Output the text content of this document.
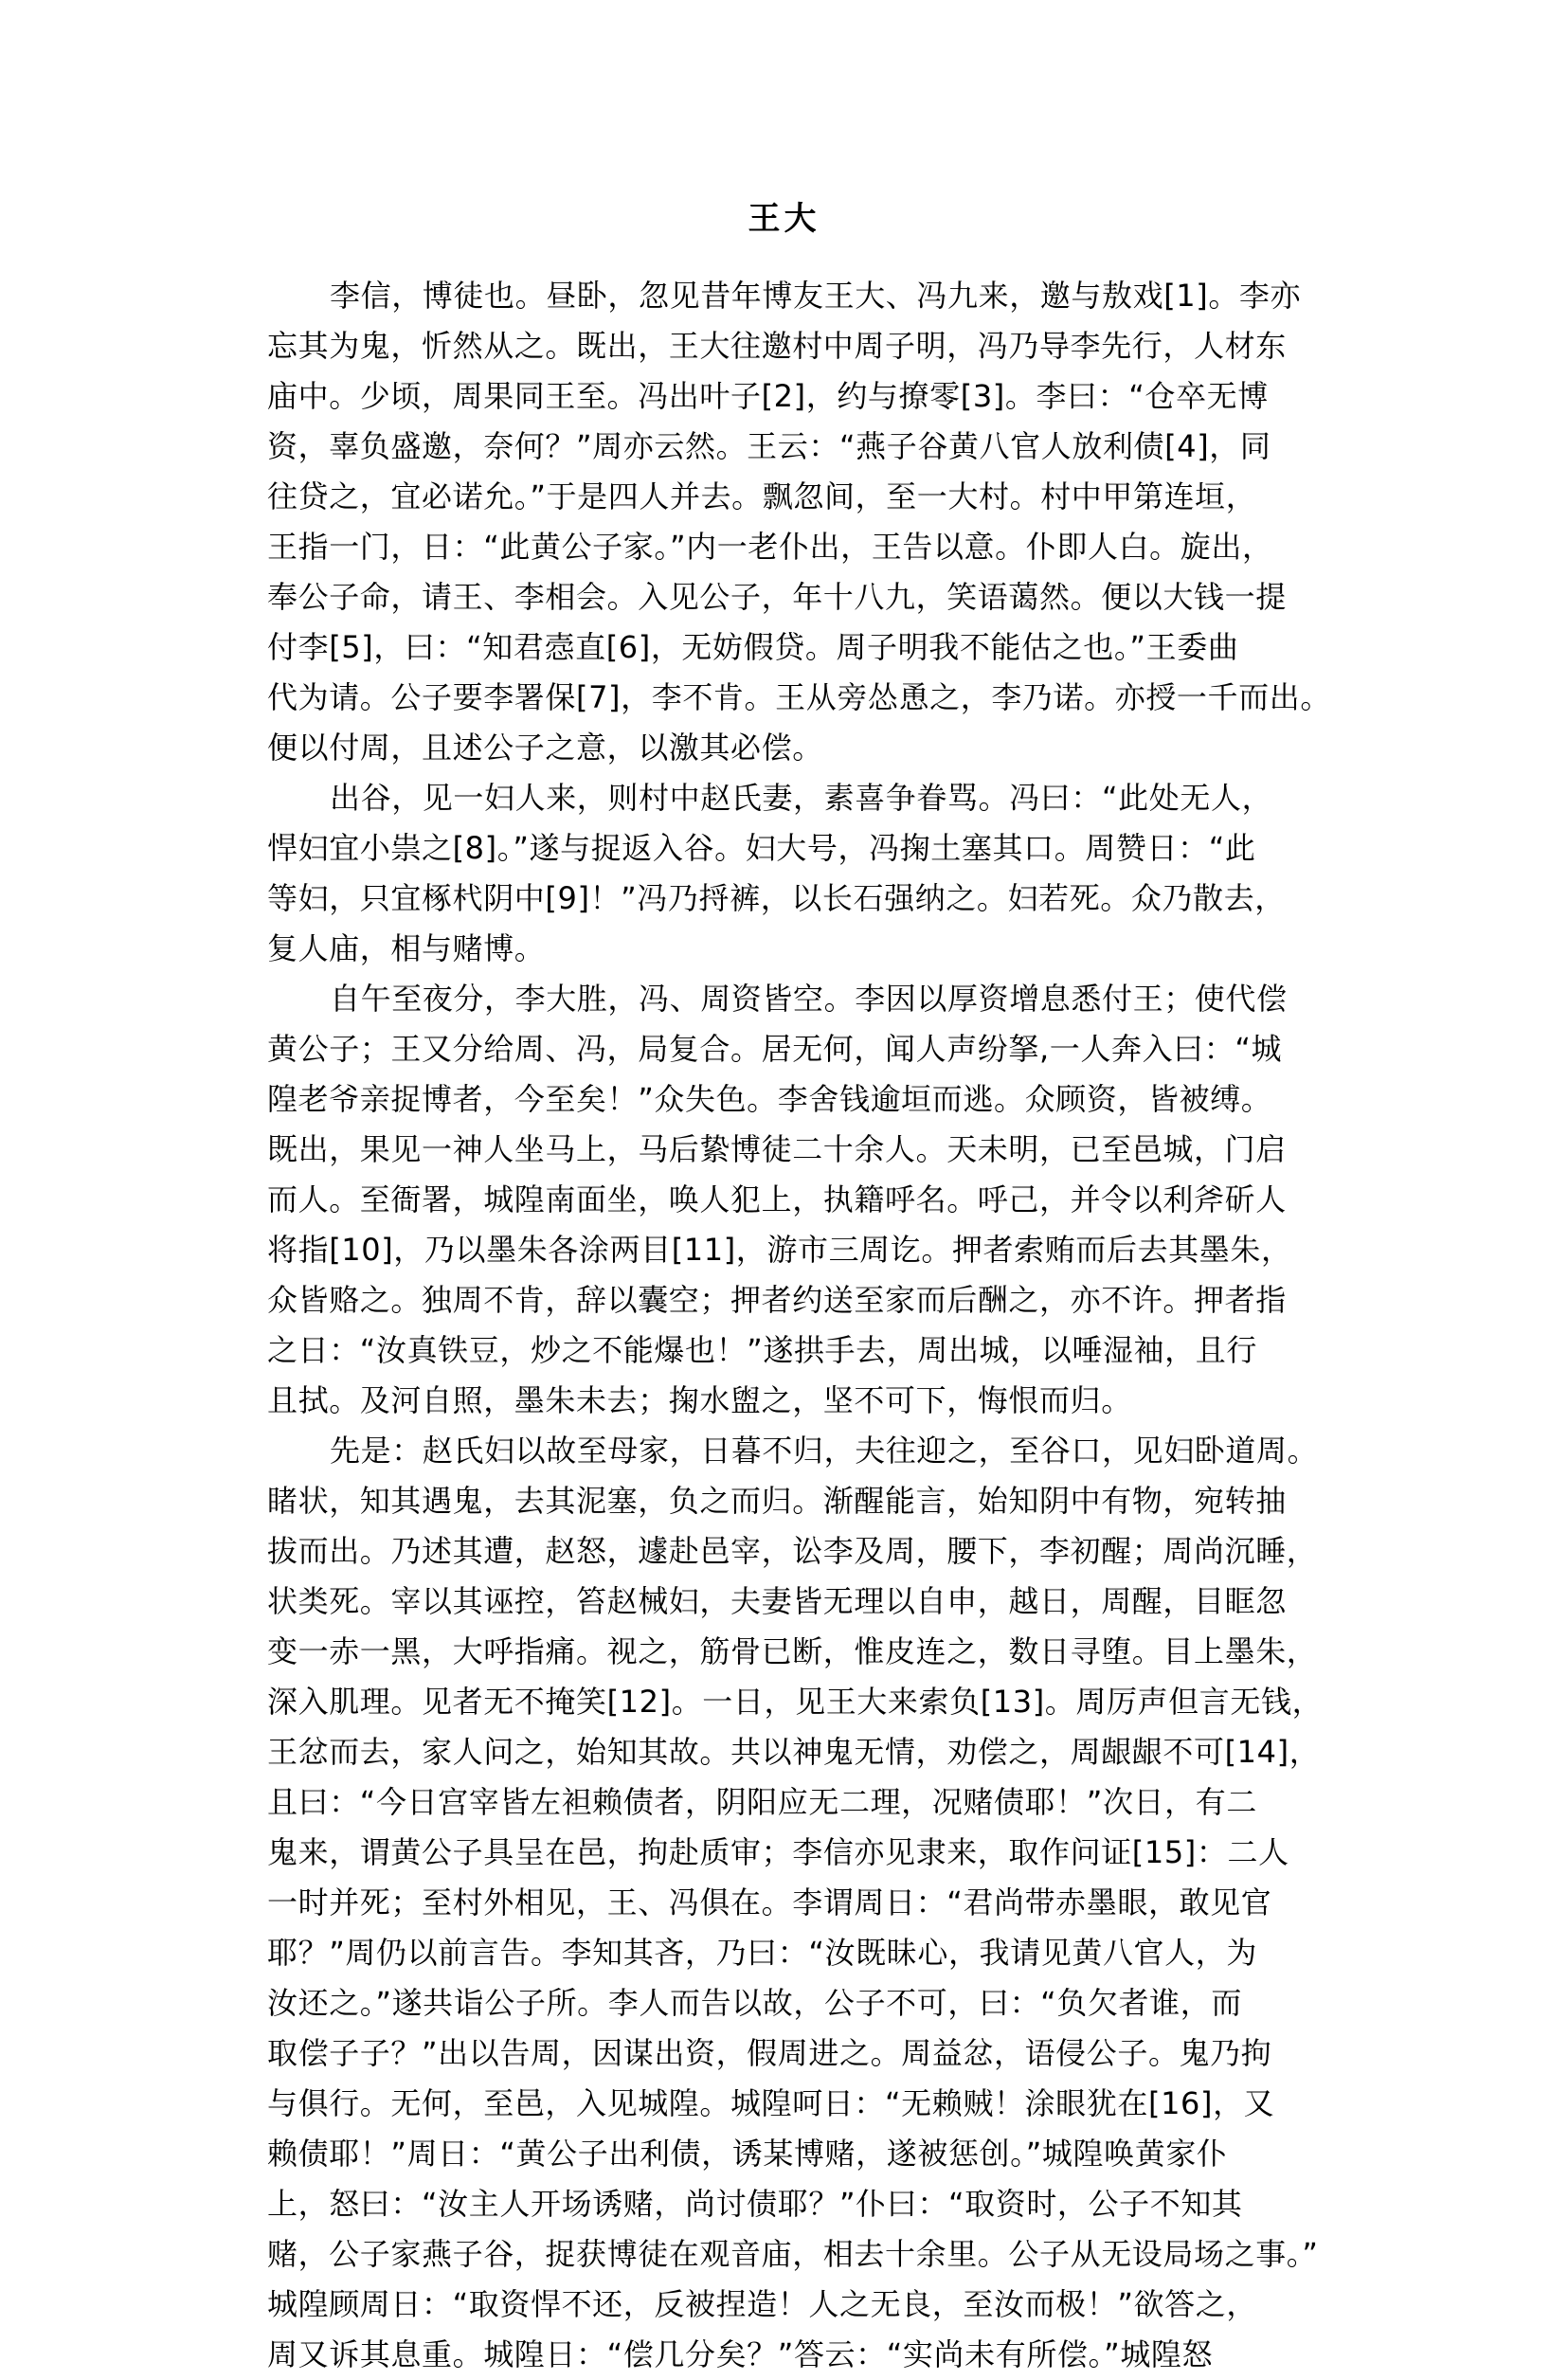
王大
李信，博徒也。昼卧，忽见昔年博友王大、冯九来，邀与敖戏[1]。李亦
忘其为鬼，忻然从之。既出，王大往邀村中周子明，冯乃导李先行，人材东
庙中。少顷，周果同王至。冯出叶子[2]，约与撩零[3]。李曰：“仓卒无博
资，辜负盛邀，奈何？”周亦云然。王云：“燕子谷黄八官人放利债[4]，同
往贷之，宜必诺允。”于是四人并去。飘忽间，至一大村。村中甲第连垣，
王指一门，日：“此黄公子家。”内一老仆出，王告以意。仆即人白。旋出，
奉公子命，请王、李相会。入见公子，年十八九，笑语蔼然。便以大钱一提
付李[5]，曰：“知君悫直[6]，无妨假贷。周子明我不能估之也。”王委曲
代为请。公子要李署保[7]，李不肯。王从旁怂恿之，李乃诺。亦授一千而出。
便以付周，且述公子之意，以激其必偿。
出谷，见一妇人来，则村中赵氏妻，素喜争眷骂。冯曰：“此处无人，
悍妇宜小祟之[8]。”遂与捉返入谷。妇大号，冯掬土塞其口。周赞日：“此
等妇，只宜椓杙阴中[9]！”冯乃捋裤，以长石强纳之。妇若死。众乃散去，
复人庙，相与赌博。
自午至夜分，李大胜，冯、周资皆空。李因以厚资增息悉付王；使代偿
黄公子；王又分给周、冯，局复合。居无何，闻人声纷拏,一人奔入曰：“城
隍老爷亲捉博者，今至矣！”众失色。李舍钱逾垣而逃。众顾资，皆被缚。
既出，果见一神人坐马上，马后絷博徒二十余人。天未明，已至邑城，门启
而人。至衙署，城隍南面坐，唤人犯上，执籍呼名。呼己，并令以利斧斫人
将指[10]，乃以墨朱各涂两目[11]，游市三周讫。押者索贿而后去其墨朱，
众皆赂之。独周不肯，辞以囊空；押者约送至家而后酬之，亦不许。押者指
之日：“汝真铁豆，炒之不能爆也！”遂拱手去，周出城，以唾湿袖，且行
且拭。及河自照，墨朱未去；掬水盥之，坚不可下，悔恨而归。
先是：赵氏妇以故至母家，日暮不归，夫往迎之，至谷口，见妇卧道周。
睹状，知其遇鬼，去其泥塞，负之而归。渐醒能言，始知阴中有物，宛转抽
拔而出。乃述其遭，赵怒，遽赴邑宰，讼李及周，腰下，李初醒；周尚沉睡，
状类死。宰以其诬控，笞赵械妇，夫妻皆无理以自申，越日，周醒，目眶忽
变一赤一黑，大呼指痛。视之，筋骨已断，惟皮连之，数日寻堕。目上墨朱，
深入肌理。见者无不掩笑[12]。一日，见王大来索负[13]。周厉声但言无钱，
王忿而去，家人问之，始知其故。共以神鬼无情，劝偿之，周龈龈不可[14]，
且曰：“今日宫宰皆左袒赖债者，阴阳应无二理，况赌债耶！”次日，有二
鬼来，谓黄公子具呈在邑，拘赴质审；李信亦见隶来，取作问证[15]：二人
一时并死；至村外相见，王、冯俱在。李谓周日：“君尚带赤墨眼，敢见官
耶？”周仍以前言告。李知其吝，乃曰：“汝既昧心，我请见黄八官人，为
汝还之。”遂共诣公子所。李人而告以故，公子不可，曰：“负欠者谁，而
取偿子子？”出以告周，因谋出资，假周进之。周益忿，语侵公子。鬼乃拘
与俱行。无何，至邑，入见城隍。城隍呵日：“无赖贼！涂眼犹在[16]，又
赖债耶！”周日：“黄公子出利债，诱某博赌，遂被惩创。”城隍唤黄家仆
上，怒曰：“汝主人开场诱赌，尚讨债耶？”仆曰：“取资时，公子不知其
赌，公子家燕子谷，捉获博徒在观音庙，相去十余里。公子从无设局场之事。”
城隍顾周日：“取资悍不还，反被捏造！人之无良，至汝而极！”欲答之，
周又诉其息重。城隍日：“偿几分矣？”答云：“实尚未有所偿。”城隍怒
